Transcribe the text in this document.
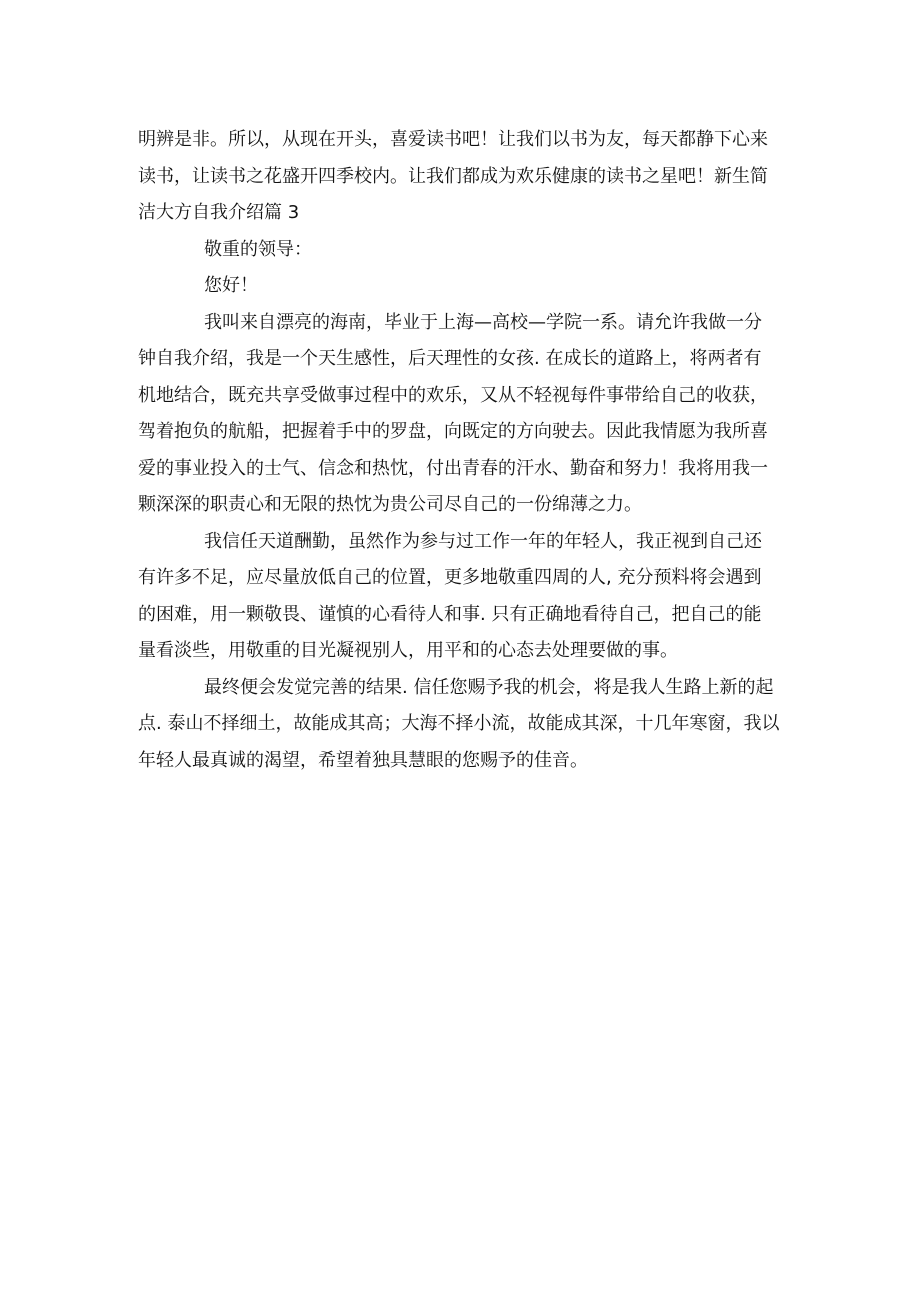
明辨是非。所以，从现在开头，喜爱读书吧！让我们以书为友，每天都静下心来
读书，让读书之花盛开四季校内。让我们都成为欢乐健康的读书之星吧！新生简
洁大方自我介绍篇 3
敬重的领导：
您好！
我叫来自漂亮的海南，毕业于上海—高校—学院一系。请允许我做一分
钟自我介绍，我是一个天生感性，后天理性的女孩. 在成长的道路上，将两者有
机地结合，既充共享受做事过程中的欢乐，又从不轻视每件事带给自己的收获，
驾着抱负的航船，把握着手中的罗盘，向既定的方向驶去。因此我情愿为我所喜
爱的事业投入的士气、信念和热忱，付出青春的汗水、勤奋和努力！我将用我一
颗深深的职责心和无限的热忱为贵公司尽自己的一份绵薄之力。
我信任天道酬勤，虽然作为参与过工作一年的年轻人，我正视到自己还
有许多不足，应尽量放低自己的位置，更多地敬重四周的人, 充分预料将会遇到
的困难，用一颗敬畏、谨慎的心看待人和事. 只有正确地看待自己，把自己的能
量看淡些，用敬重的目光凝视别人，用平和的心态去处理要做的事。
最终便会发觉完善的结果. 信任您赐予我的机会，将是我人生路上新的起
点. 泰山不择细土，故能成其高；大海不择小流，故能成其深，十几年寒窗，我以
年轻人最真诚的渴望，希望着独具慧眼的您赐予的佳音。
